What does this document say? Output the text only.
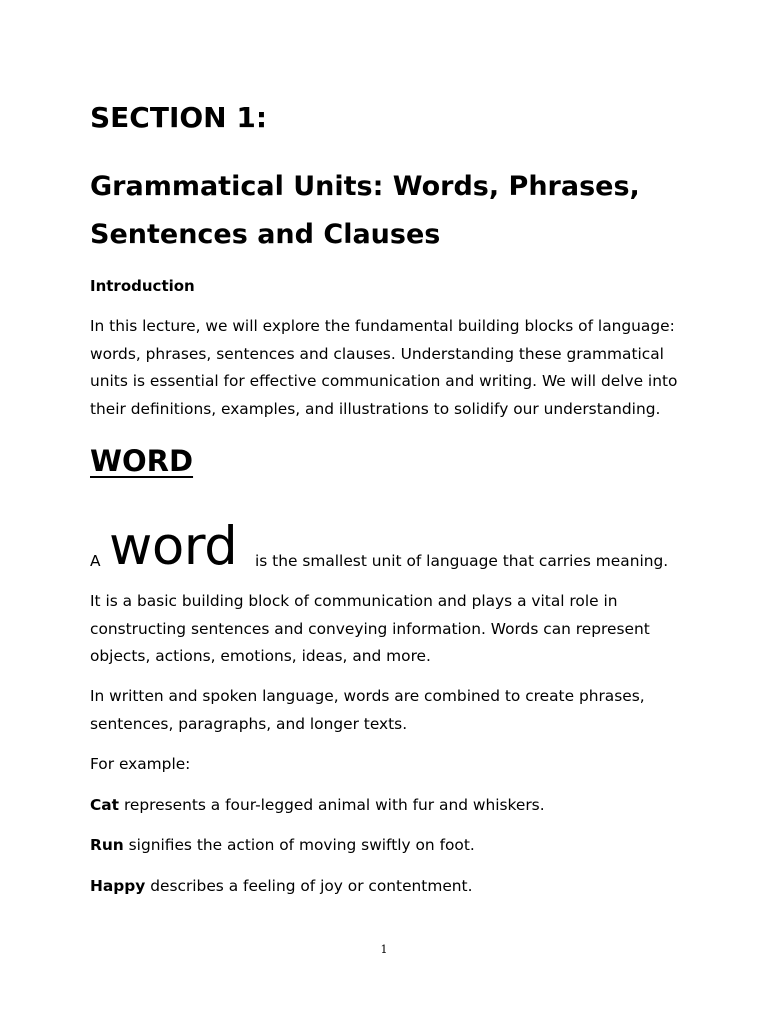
SECTION 1:
Grammatical Units: Words, Phrases,
Sentences and Clauses
Introduction

In this lecture, we will explore the fundamental building blocks of language:
words, phrases, sentences and clauses. Understanding these grammatical
units is essential for effective communication and writing. We will delve into
their definitions, examples, and illustrations to solidify our understanding.

WORD

A word is the smallest unit of language that carries meaning.

It is a basic building block of communication and plays a vital role in
constructing sentences and conveying information. Words can represent
objects, actions, emotions, ideas, and more.

In written and spoken language, words are combined to create phrases,
sentences, paragraphs, and longer texts.

For example:

Cat represents a four-legged animal with fur and whiskers.

Run signifies the action of moving swiftly on foot.

Happy describes a feeling of joy or contentment.

1
